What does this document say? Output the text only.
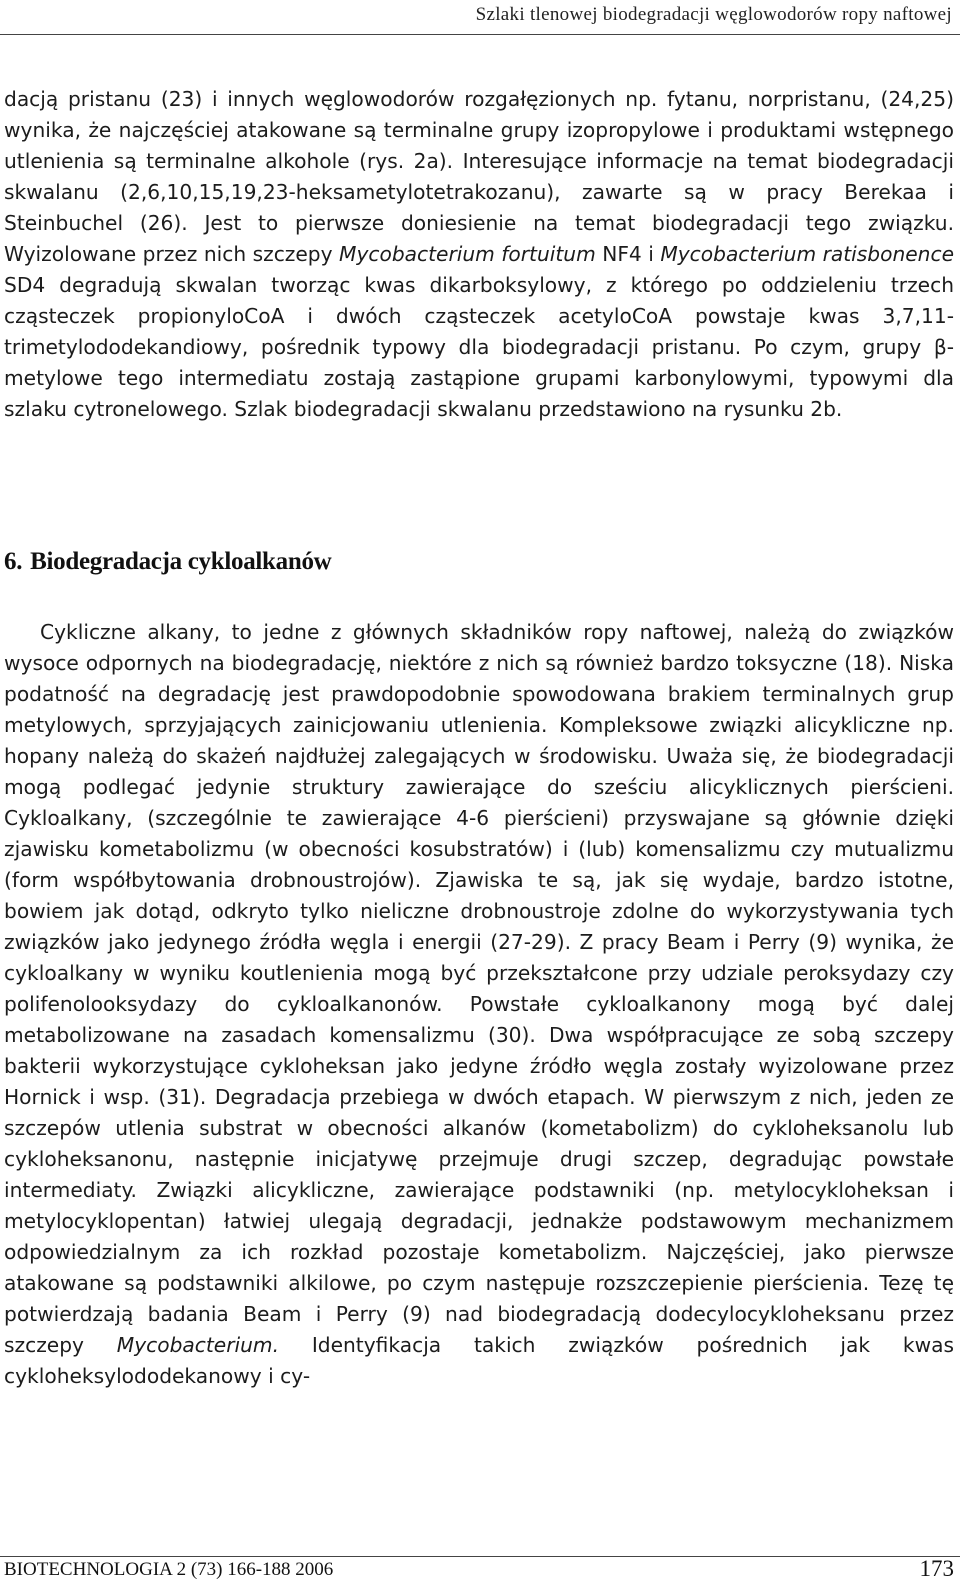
Szlaki tlenowej biodegradacji węglowodorów ropy naftowej

dacją pristanu (23) i innych węglowodorów rozgałęzionych np. fytanu, norpristanu, (24,25) wynika, że najczęściej atakowane są terminalne grupy izopropylowe i produktami wstępnego utlenienia są terminalne alkohole (rys. 2a). Interesujące informacje na temat biodegradacji skwalanu (2,6,10,15,19,23-heksametylotetrakozanu), zawarte są w pracy Berekaa i Steinbuchel (26). Jest to pierwsze doniesienie na temat biodegradacji tego związku. Wyizolowane przez nich szczepy Mycobacterium fortuitum NF4 i Mycobacterium ratisbonence SD4 degradują skwalan tworząc kwas dikarboksylowy, z którego po oddzieleniu trzech cząsteczek propionyloCoA i dwóch cząsteczek acetyloCoA powstaje kwas 3,7,11-trimetylododekandiowy, pośrednik typowy dla biodegradacji pristanu. Po czym, grupy β-metylowe tego intermediatu zostają zastąpione grupami karbonylowymi, typowymi dla szlaku cytronelowego. Szlak biodegradacji skwalanu przedstawiono na rysunku 2b.

6. Biodegradacja cykloalkanów

Cykliczne alkany, to jedne z głównych składników ropy naftowej, należą do związków wysoce odpornych na biodegradację, niektóre z nich są również bardzo toksyczne (18). Niska podatność na degradację jest prawdopodobnie spowodowana brakiem terminalnych grup metylowych, sprzyjających zainicjowaniu utlenienia. Kompleksowe związki alicykliczne np. hopany należą do skażeń najdłużej zalegających w środowisku. Uważa się, że biodegradacji mogą podlegać jedynie struktury zawierające do sześciu alicyklicznych pierścieni. Cykloalkany, (szczególnie te zawierające 4-6 pierścieni) przyswajane są głównie dzięki zjawisku kometabolizmu (w obecności kosubstratów) i (lub) komensalizmu czy mutualizmu (form współbytowania drobnoustrojów). Zjawiska te są, jak się wydaje, bardzo istotne, bowiem jak dotąd, odkryto tylko nieliczne drobnoustroje zdolne do wykorzystywania tych związków jako jedynego źródła węgla i energii (27-29). Z pracy Beam i Perry (9) wynika, że cykloalkany w wyniku koutlenienia mogą być przekształcone przy udziale peroksydazy czy polifenolooksydazy do cykloalkanonów. Powstałe cykloalkanony mogą być dalej metabolizowane na zasadach komensalizmu (30). Dwa współpracujące ze sobą szczepy bakterii wykorzystujące cykloheksan jako jedyne źródło węgla zostały wyizolowane przez Hornick i wsp. (31). Degradacja przebiega w dwóch etapach. W pierwszym z nich, jeden ze szczepów utlenia substrat w obecności alkanów (kometabolizm) do cykloheksanolu lub cykloheksanonu, następnie inicjatywę przejmuje drugi szczep, degradując powstałe intermediaty. Związki alicykliczne, zawierające podstawniki (np. metylocykloheksan i metylocyklopentan) łatwiej ulegają degradacji, jednakże podstawowym mechanizmem odpowiedzialnym za ich rozkład pozostaje kometabolizm. Najczęściej, jako pierwsze atakowane są podstawniki alkilowe, po czym następuje rozszczepienie pierścienia. Tezę tę potwierdzają badania Beam i Perry (9) nad biodegradacją dodecylocykloheksanu przez szczepy Mycobacterium. Identyfikacja takich związków pośrednich jak kwas cykloheksylododekanowy i cy-

BIOTECHNOLOGIA 2 (73) 166-188 2006	173
